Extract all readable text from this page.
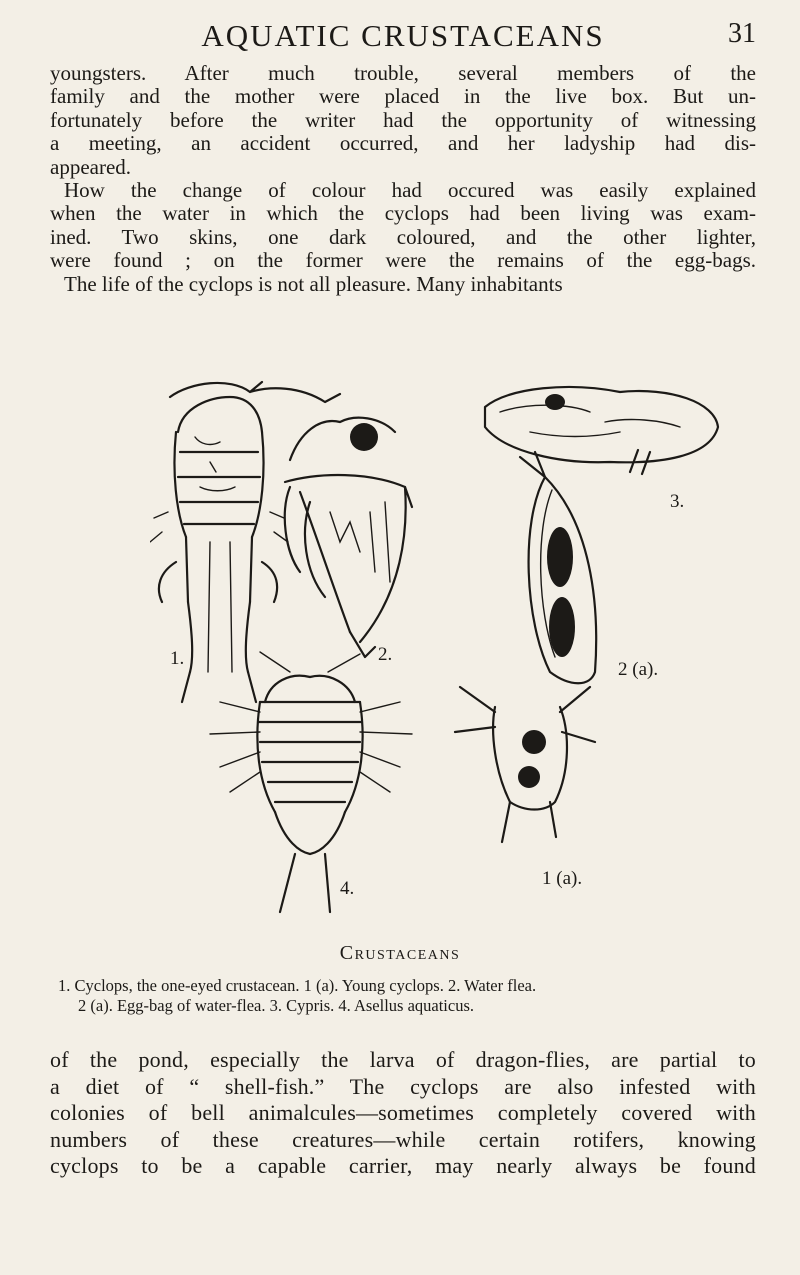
AQUATIC CRUSTACEANS	31

youngsters. After much trouble, several members of the

family and the mother were placed in the live box. But un-

fortunately before the writer had the opportunity of witnessing

a meeting, an accident occurred, and her ladyship had dis-

appeared.

How the change of colour had occured was easily explained

when the water in which the cyclops had been living was exam-

ined. Two skins, one dark coloured, and the other lighter,

were found ; on the former were the remains of the egg-bags.

The life of the cyclops is not all pleasure. Many inhabitants

1.	2.
4.
3.
2 (a).
1 (a).
Crustaceans
1. Cyclops, the one-eyed crustacean. 1 (a). Young cyclops. 2. Water flea.
2 (a). Egg-bag of water-flea. 3. Cypris. 4. Asellus aquaticus.

of the pond, especially the larva of dragon-flies, are partial to

a diet of “ shell-fish.” The cyclops are also infested with

colonies of bell animalcules—sometimes completely covered with

numbers of these creatures—while certain rotifers, knowing

cyclops to be a capable carrier, may nearly always be found
